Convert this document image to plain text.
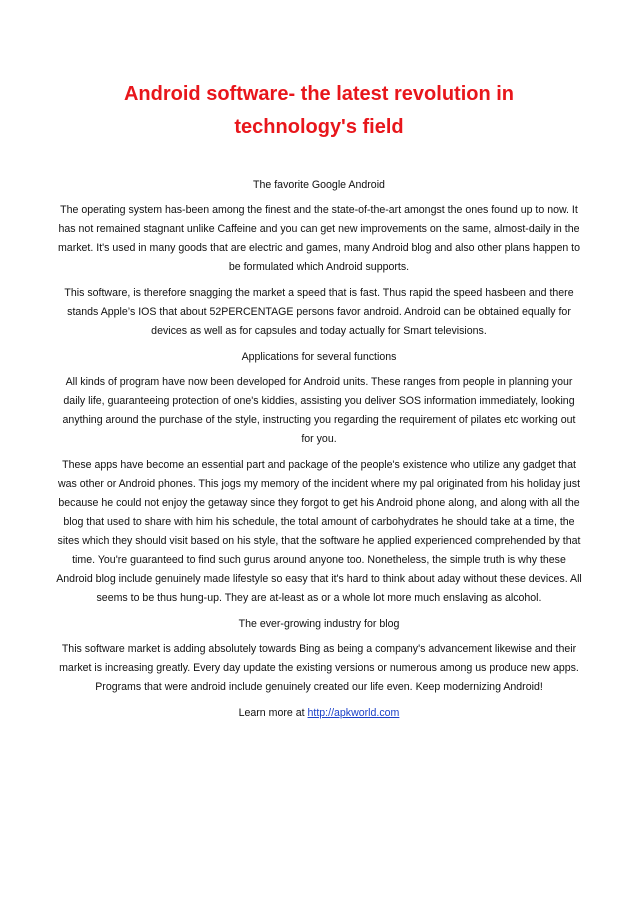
Android software- the latest revolution in technology's field

The favorite Google Android

The operating system has-been among the finest and the state-of-the-art amongst the ones found up to now. It has not remained stagnant unlike Caffeine and you can get new improvements on the same, almost-daily in the market. It's used in many goods that are electric and games, many Android blog and also other plans happen to be formulated which Android supports.

This software, is therefore snagging the market a speed that is fast. Thus rapid the speed hasbeen and there stands Apple’s IOS that about 52PERCENTAGE persons favor android. Android can be obtained equally for devices as well as for capsules and today actually for Smart televisions.

Applications for several functions

All kinds of program have now been developed for Android units. These ranges from people in planning your daily life, guaranteeing protection of one's kiddies, assisting you deliver SOS information immediately, looking anything around the purchase of the style, instructing you regarding the requirement of pilates etc working out for you.

These apps have become an essential part and package of the people's existence who utilize any gadget that was other or Android phones. This jogs my memory of the incident where my pal originated from his holiday just because he could not enjoy the getaway since they forgot to get his Android phone along, and along with all the blog that used to share with him his schedule, the total amount of carbohydrates he should take at a time, the sites which they should visit based on his style, that the software he applied experienced comprehended by that time. You're guaranteed to find such gurus around anyone too. Nonetheless, the simple truth is why these Android blog include genuinely made lifestyle so easy that it's hard to think about aday without these devices. All seems to be thus hung-up. They are at-least as or a whole lot more much enslaving as alcohol.

The ever-growing industry for blog

This software market is adding absolutely towards Bing as being a company's advancement likewise and their market is increasing greatly. Every day update the existing versions or numerous among us produce new apps. Programs that were android include genuinely created our life even. Keep modernizing Android!

Learn more at http://apkworld.com
